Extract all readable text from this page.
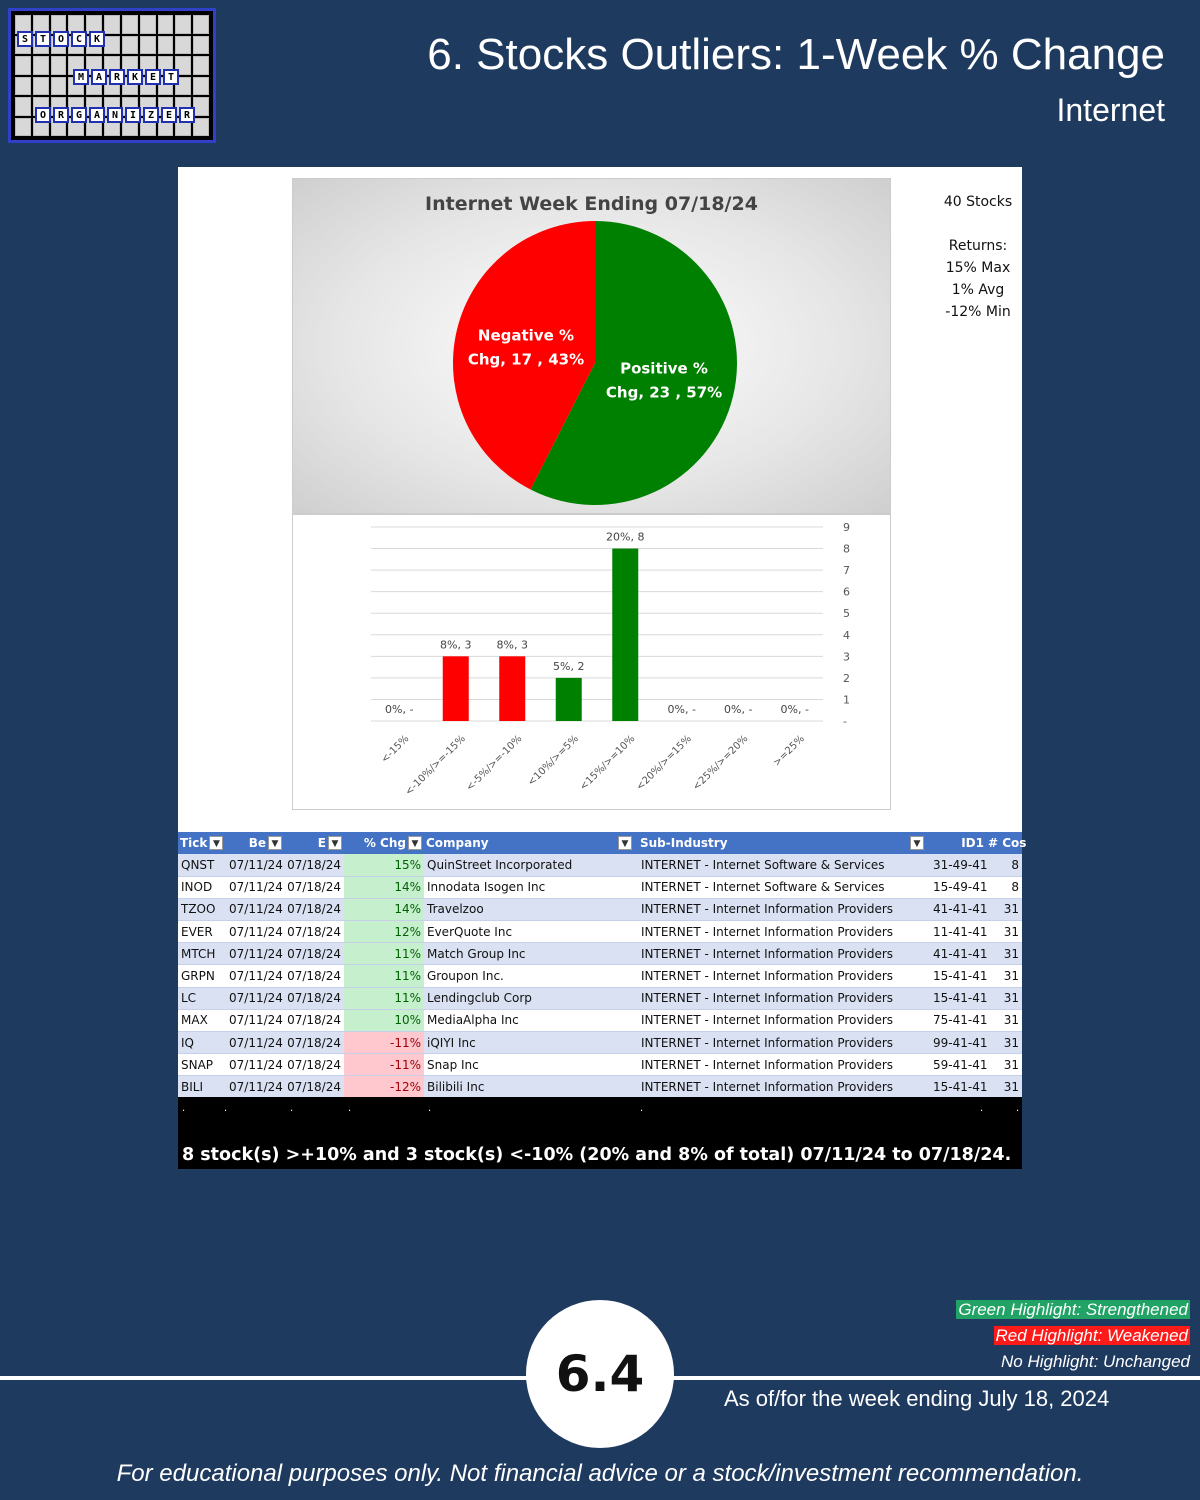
S	T	O	C	K
M	A	R	K	E	T
O	R	G	A	N	I	Z	E	R
6. Stocks Outliers: 1-Week % Change
Internet
Internet Week Ending 07/18/24
Positive %
Chg, 23 , 57%
Negative %
Chg, 17 , 43%
40 Stocks
Returns:
15% Max
1% Avg
-12% Min
-
1
2
3
4
5
6
7
8
9
0%, -
<-15%
8%, 3
<-10%/>=-15%
8%, 3
<-5%/>=-10%
5%, 2
<10%/>=5%
20%, 8
<15%/>=10%
0%, -
<20%/>=15%
0%, -
<25%/>=20%
0%, -
>=25%
Tick ▼	Be ▼	E ▼	% Chg ▼	Company ▼	Sub-Industry ▼	ID1	# Cos
QNST	07/11/24	07/18/24	15%	QuinStreet Incorporated	INTERNET - Internet Software & Services	31-49-41	8
INOD	07/11/24	07/18/24	14%	Innodata Isogen Inc	INTERNET - Internet Software & Services	15-49-41	8
TZOO	07/11/24	07/18/24	14%	Travelzoo	INTERNET - Internet Information Providers	41-41-41	31
EVER	07/11/24	07/18/24	12%	EverQuote Inc	INTERNET - Internet Information Providers	11-41-41	31
MTCH	07/11/24	07/18/24	11%	Match Group Inc	INTERNET - Internet Information Providers	41-41-41	31
GRPN	07/11/24	07/18/24	11%	Groupon Inc.	INTERNET - Internet Information Providers	15-41-41	31
LC	07/11/24	07/18/24	11%	Lendingclub Corp	INTERNET - Internet Information Providers	15-41-41	31
MAX	07/11/24	07/18/24	10%	MediaAlpha Inc	INTERNET - Internet Information Providers	75-41-41	31
IQ	07/11/24	07/18/24	-11%	iQIYI Inc	INTERNET - Internet Information Providers	99-41-41	31
SNAP	07/11/24	07/18/24	-11%	Snap Inc	INTERNET - Internet Information Providers	59-41-41	31
BILI	07/11/24	07/18/24	-12%	Bilibili Inc	INTERNET - Internet Information Providers	15-41-41	31
.	.	.	.	.	.	.	.
8 stock(s) >+10% and 3 stock(s) <-10% (20% and 8% of total) 07/11/24 to 07/18/24.
Green Highlight: Strengthened
Red Highlight: Weakened
No Highlight: Unchanged
6.4	As of/for the week ending July 18, 2024
For educational purposes only. Not financial advice or a stock/investment recommendation.
